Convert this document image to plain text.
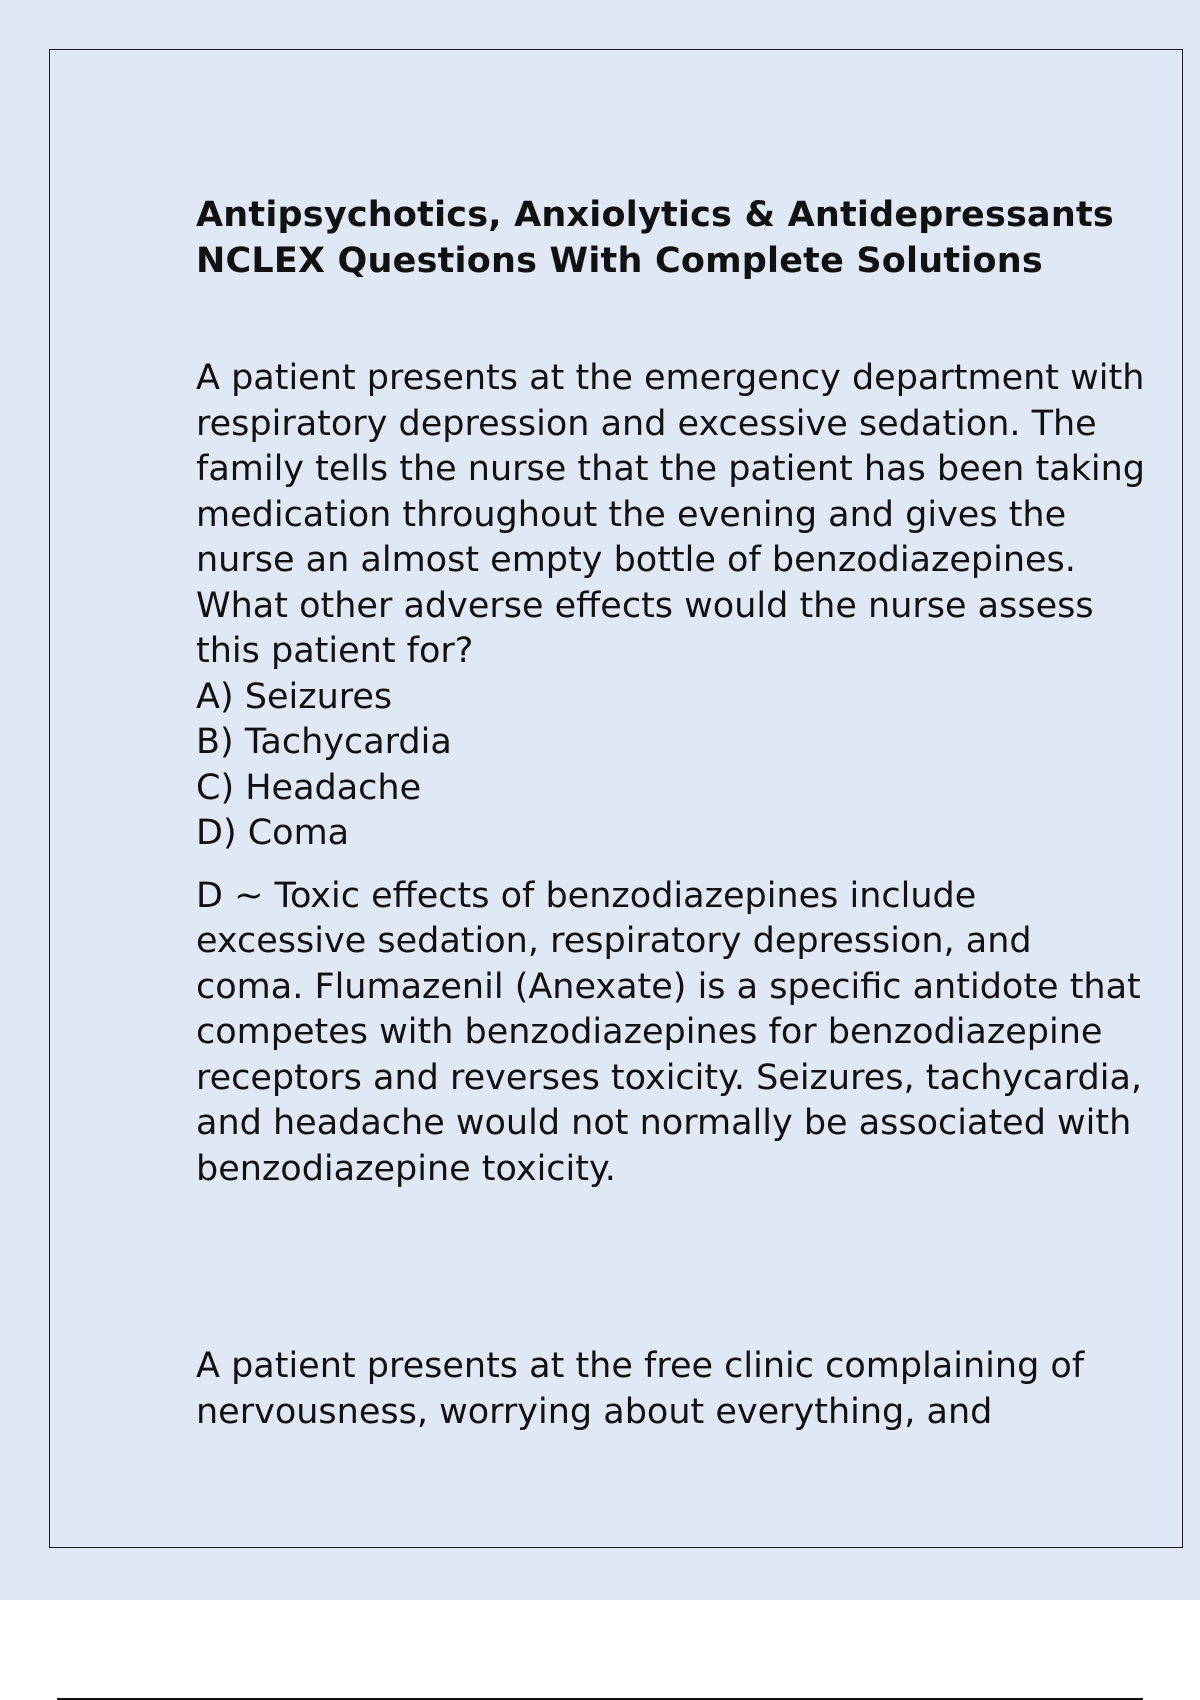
Antipsychotics, Anxiolytics & Antidepressants
NCLEX Questions With Complete Solutions

A patient presents at the emergency department with respiratory depression and excessive sedation. The family tells the nurse that the patient has been taking medication throughout the evening and gives the nurse an almost empty bottle of benzodiazepines. What other adverse effects would the nurse assess this patient for?

A) Seizures
B) Tachycardia
C) Headache
D) Coma

D ~ Toxic effects of benzodiazepines include excessive sedation, respiratory depression, and coma. Flumazenil (Anexate) is a specific antidote that competes with benzodiazepines for benzodiazepine receptors and reverses toxicity. Seizures, tachycardia, and headache would not normally be associated with benzodiazepine toxicity.

A patient presents at the free clinic complaining of nervousness, worrying about everything, and
